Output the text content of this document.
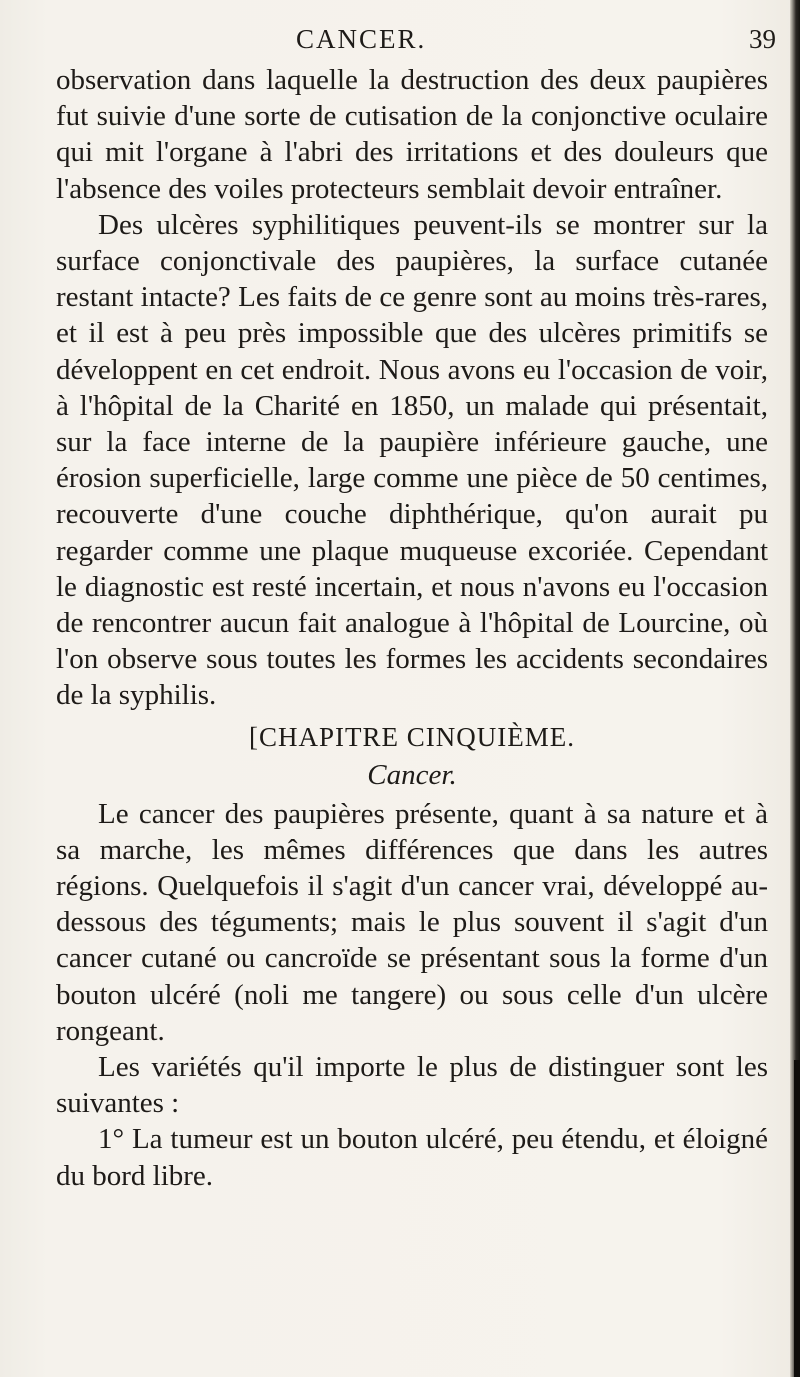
CANCER.	39

observation dans laquelle la destruction des deux paupières fut suivie d'une sorte de cutisation de la conjonctive oculaire qui mit l'organe à l'abri des irritations et des douleurs que l'absence des voiles protecteurs semblait devoir entraîner.

Des ulcères syphilitiques peuvent-ils se montrer sur la surface conjonctivale des paupières, la surface cutanée restant intacte? Les faits de ce genre sont au moins très-rares, et il est à peu près impossible que des ulcères primitifs se développent en cet endroit. Nous avons eu l'occasion de voir, à l'hôpital de la Charité en 1850, un malade qui présentait, sur la face interne de la paupière inférieure gauche, une érosion superficielle, large comme une pièce de 50 centimes, recouverte d'une couche diphthérique, qu'on aurait pu regarder comme une plaque muqueuse excoriée. Cependant le diagnostic est resté incertain, et nous n'avons eu l'occasion de rencontrer aucun fait analogue à l'hôpital de Lourcine, où l'on observe sous toutes les formes les accidents secondaires de la syphilis.

[CHAPITRE CINQUIÈME.
Cancer.

Le cancer des paupières présente, quant à sa nature et à sa marche, les mêmes différences que dans les autres régions. Quelquefois il s'agit d'un cancer vrai, développé au-dessous des téguments; mais le plus souvent il s'agit d'un cancer cutané ou cancroïde se présentant sous la forme d'un bouton ulcéré (noli me tangere) ou sous celle d'un ulcère rongeant.

Les variétés qu'il importe le plus de distinguer sont les suivantes :

1° La tumeur est un bouton ulcéré, peu étendu, et éloigné du bord libre.
